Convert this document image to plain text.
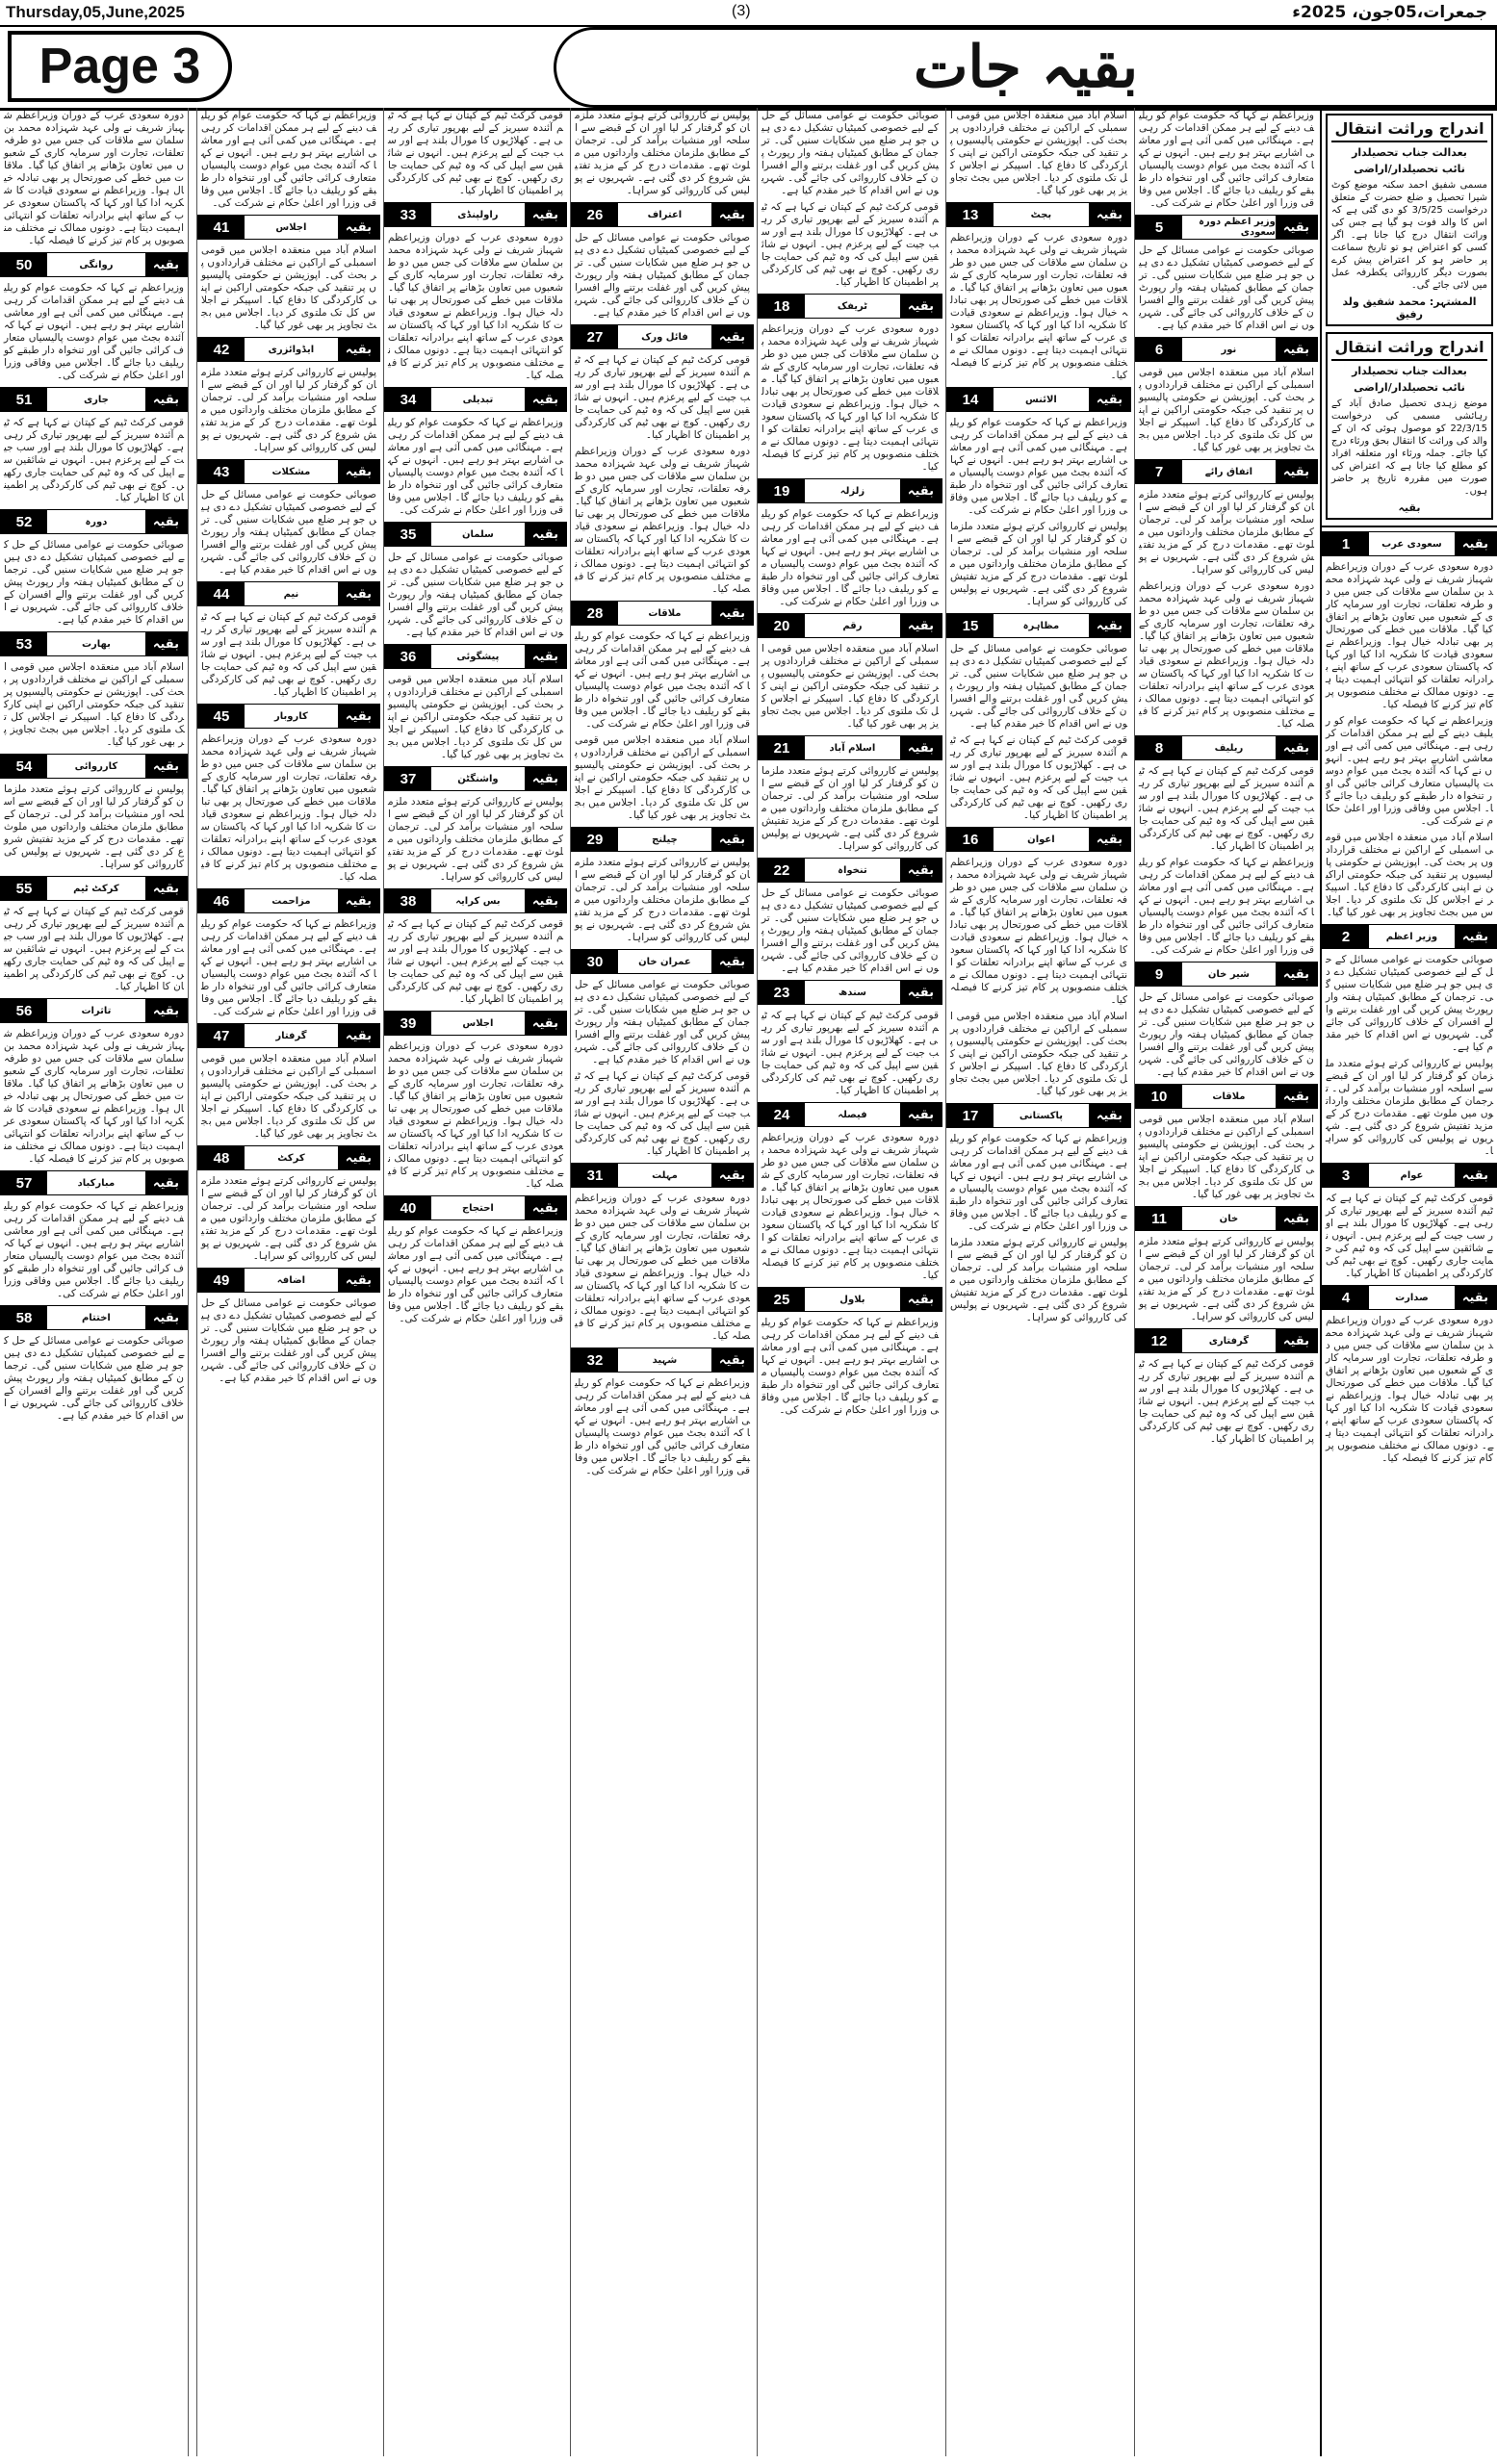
Thursday,05,June,2025	(3)	جمعرات،05جون، 2025ء
Page 3	بقیہ جات
اندراج وراثت انتقال
بعدالت جناب تحصیلدار
نائب تحصیلدار/اراضی
مسمی شفیق احمد سکنہ موضع کوٹ شیرا تحصیل و ضلع حضرت کے متعلق درخواست 3/5/25 کو دی گئی ہے کہ اس کا والد فوت ہو گیا ہے جس کی وراثت انتقال درج کیا جانا ہے۔ اگر کسی کو اعتراض ہو تو تاریخ سماعت پر حاضر ہو کر اعتراض پیش کرے بصورت دیگر کارروائی یکطرفہ عمل میں لائی جائے گی۔
المشتہر: محمد شفیق ولد رفیق
اندراج وراثت انتقال
بعدالت جناب تحصیلدار
نائب تحصیلدار/اراضی
موضع زہدی تحصیل صادق آباد کے رہائشی مسمی کی درخواست 22/3/15 کو موصول ہوئی کہ ان کے والد کی وراثت کا انتقال بحق ورثاء درج کیا جائے۔ جملہ ورثاء اور متعلقہ افراد کو مطلع کیا جاتا ہے کہ اعتراض کی صورت میں مقررہ تاریخ پر حاضر ہوں۔
بقیہ
بقیہ
سعودی عرب
1
دورہ سعودی عرب کے دوران وزیراعظم شہباز شریف نے ولی عہد شہزادہ محمد بن سلمان سے ملاقات کی جس میں دو طرفہ تعلقات، تجارت اور سرمایہ کاری کے شعبوں میں تعاون بڑھانے پر اتفاق کیا گیا۔ ملاقات میں خطے کی صورتحال پر بھی تبادلہ خیال ہوا۔ وزیراعظم نے سعودی قیادت کا شکریہ ادا کیا اور کہا کہ پاکستان سعودی عرب کے ساتھ اپنے برادرانہ تعلقات کو انتہائی اہمیت دیتا ہے۔ دونوں ممالک نے مختلف منصوبوں پر کام تیز کرنے کا فیصلہ کیا۔
وزیراعظم نے کہا کہ حکومت عوام کو ریلیف دینے کے لیے ہر ممکن اقدامات کر رہی ہے۔ مہنگائی میں کمی آئی ہے اور معاشی اشاریے بہتر ہو رہے ہیں۔ انہوں نے کہا کہ آئندہ بجٹ میں عوام دوست پالیسیاں متعارف کرائی جائیں گی اور تنخواہ دار طبقے کو ریلیف دیا جائے گا۔ اجلاس میں وفاقی وزرا اور اعلیٰ حکام نے شرکت کی۔
اسلام آباد میں منعقدہ اجلاس میں قومی اسمبلی کے اراکین نے مختلف قراردادوں پر بحث کی۔ اپوزیشن نے حکومتی پالیسیوں پر تنقید کی جبکہ حکومتی اراکین نے اپنی کارکردگی کا دفاع کیا۔ اسپیکر نے اجلاس کل تک ملتوی کر دیا۔ اجلاس میں بجٹ تجاویز پر بھی غور کیا گیا۔
بقیہ
وزیر اعظم
2
صوبائی حکومت نے عوامی مسائل کے حل کے لیے خصوصی کمیٹیاں تشکیل دے دی ہیں جو ہر ضلع میں شکایات سنیں گی۔ ترجمان کے مطابق کمیٹیاں ہفتہ وار رپورٹ پیش کریں گی اور غفلت برتنے والے افسران کے خلاف کارروائی کی جائے گی۔ شہریوں نے اس اقدام کا خیر مقدم کیا ہے۔
پولیس نے کارروائی کرتے ہوئے متعدد ملزمان کو گرفتار کر لیا اور ان کے قبضے سے اسلحہ اور منشیات برآمد کر لی۔ ترجمان کے مطابق ملزمان مختلف وارداتوں میں ملوث تھے۔ مقدمات درج کر کے مزید تفتیش شروع کر دی گئی ہے۔ شہریوں نے پولیس کی کارروائی کو سراہا۔
بقیہ
عوام
3
قومی کرکٹ ٹیم کے کپتان نے کہا ہے کہ ٹیم آئندہ سیریز کے لیے بھرپور تیاری کر رہی ہے۔ کھلاڑیوں کا مورال بلند ہے اور سب جیت کے لیے پرعزم ہیں۔ انہوں نے شائقین سے اپیل کی کہ وہ ٹیم کی حمایت جاری رکھیں۔ کوچ نے بھی ٹیم کی کارکردگی پر اطمینان کا اظہار کیا۔
بقیہ
صدارت
4
دورہ سعودی عرب کے دوران وزیراعظم شہباز شریف نے ولی عہد شہزادہ محمد بن سلمان سے ملاقات کی جس میں دو طرفہ تعلقات، تجارت اور سرمایہ کاری کے شعبوں میں تعاون بڑھانے پر اتفاق کیا گیا۔ ملاقات میں خطے کی صورتحال پر بھی تبادلہ خیال ہوا۔ وزیراعظم نے سعودی قیادت کا شکریہ ادا کیا اور کہا کہ پاکستان سعودی عرب کے ساتھ اپنے برادرانہ تعلقات کو انتہائی اہمیت دیتا ہے۔ دونوں ممالک نے مختلف منصوبوں پر کام تیز کرنے کا فیصلہ کیا۔
وزیراعظم نے کہا کہ حکومت عوام کو ریلیف دینے کے لیے ہر ممکن اقدامات کر رہی ہے۔ مہنگائی میں کمی آئی ہے اور معاشی اشاریے بہتر ہو رہے ہیں۔ انہوں نے کہا کہ آئندہ بجٹ میں عوام دوست پالیسیاں متعارف کرائی جائیں گی اور تنخواہ دار طبقے کو ریلیف دیا جائے گا۔ اجلاس میں وفاقی وزرا اور اعلیٰ حکام نے شرکت کی۔
بقیہ
وزیر اعظم دورہ سعودی
5
صوبائی حکومت نے عوامی مسائل کے حل کے لیے خصوصی کمیٹیاں تشکیل دے دی ہیں جو ہر ضلع میں شکایات سنیں گی۔ ترجمان کے مطابق کمیٹیاں ہفتہ وار رپورٹ پیش کریں گی اور غفلت برتنے والے افسران کے خلاف کارروائی کی جائے گی۔ شہریوں نے اس اقدام کا خیر مقدم کیا ہے۔
بقیہ
نور
6
اسلام آباد میں منعقدہ اجلاس میں قومی اسمبلی کے اراکین نے مختلف قراردادوں پر بحث کی۔ اپوزیشن نے حکومتی پالیسیوں پر تنقید کی جبکہ حکومتی اراکین نے اپنی کارکردگی کا دفاع کیا۔ اسپیکر نے اجلاس کل تک ملتوی کر دیا۔ اجلاس میں بجٹ تجاویز پر بھی غور کیا گیا۔
بقیہ
اتفاق رائے
7
پولیس نے کارروائی کرتے ہوئے متعدد ملزمان کو گرفتار کر لیا اور ان کے قبضے سے اسلحہ اور منشیات برآمد کر لی۔ ترجمان کے مطابق ملزمان مختلف وارداتوں میں ملوث تھے۔ مقدمات درج کر کے مزید تفتیش شروع کر دی گئی ہے۔ شہریوں نے پولیس کی کارروائی کو سراہا۔
دورہ سعودی عرب کے دوران وزیراعظم شہباز شریف نے ولی عہد شہزادہ محمد بن سلمان سے ملاقات کی جس میں دو طرفہ تعلقات، تجارت اور سرمایہ کاری کے شعبوں میں تعاون بڑھانے پر اتفاق کیا گیا۔ ملاقات میں خطے کی صورتحال پر بھی تبادلہ خیال ہوا۔ وزیراعظم نے سعودی قیادت کا شکریہ ادا کیا اور کہا کہ پاکستان سعودی عرب کے ساتھ اپنے برادرانہ تعلقات کو انتہائی اہمیت دیتا ہے۔ دونوں ممالک نے مختلف منصوبوں پر کام تیز کرنے کا فیصلہ کیا۔
بقیہ
ریلیف
8
قومی کرکٹ ٹیم کے کپتان نے کہا ہے کہ ٹیم آئندہ سیریز کے لیے بھرپور تیاری کر رہی ہے۔ کھلاڑیوں کا مورال بلند ہے اور سب جیت کے لیے پرعزم ہیں۔ انہوں نے شائقین سے اپیل کی کہ وہ ٹیم کی حمایت جاری رکھیں۔ کوچ نے بھی ٹیم کی کارکردگی پر اطمینان کا اظہار کیا۔
وزیراعظم نے کہا کہ حکومت عوام کو ریلیف دینے کے لیے ہر ممکن اقدامات کر رہی ہے۔ مہنگائی میں کمی آئی ہے اور معاشی اشاریے بہتر ہو رہے ہیں۔ انہوں نے کہا کہ آئندہ بجٹ میں عوام دوست پالیسیاں متعارف کرائی جائیں گی اور تنخواہ دار طبقے کو ریلیف دیا جائے گا۔ اجلاس میں وفاقی وزرا اور اعلیٰ حکام نے شرکت کی۔
بقیہ
شیر خان
9
صوبائی حکومت نے عوامی مسائل کے حل کے لیے خصوصی کمیٹیاں تشکیل دے دی ہیں جو ہر ضلع میں شکایات سنیں گی۔ ترجمان کے مطابق کمیٹیاں ہفتہ وار رپورٹ پیش کریں گی اور غفلت برتنے والے افسران کے خلاف کارروائی کی جائے گی۔ شہریوں نے اس اقدام کا خیر مقدم کیا ہے۔
بقیہ
ملاقات
10
اسلام آباد میں منعقدہ اجلاس میں قومی اسمبلی کے اراکین نے مختلف قراردادوں پر بحث کی۔ اپوزیشن نے حکومتی پالیسیوں پر تنقید کی جبکہ حکومتی اراکین نے اپنی کارکردگی کا دفاع کیا۔ اسپیکر نے اجلاس کل تک ملتوی کر دیا۔ اجلاس میں بجٹ تجاویز پر بھی غور کیا گیا۔
بقیہ
خان
11
پولیس نے کارروائی کرتے ہوئے متعدد ملزمان کو گرفتار کر لیا اور ان کے قبضے سے اسلحہ اور منشیات برآمد کر لی۔ ترجمان کے مطابق ملزمان مختلف وارداتوں میں ملوث تھے۔ مقدمات درج کر کے مزید تفتیش شروع کر دی گئی ہے۔ شہریوں نے پولیس کی کارروائی کو سراہا۔
بقیہ
گرفتاری
12
قومی کرکٹ ٹیم کے کپتان نے کہا ہے کہ ٹیم آئندہ سیریز کے لیے بھرپور تیاری کر رہی ہے۔ کھلاڑیوں کا مورال بلند ہے اور سب جیت کے لیے پرعزم ہیں۔ انہوں نے شائقین سے اپیل کی کہ وہ ٹیم کی حمایت جاری رکھیں۔ کوچ نے بھی ٹیم کی کارکردگی پر اطمینان کا اظہار کیا۔
اسلام آباد میں منعقدہ اجلاس میں قومی اسمبلی کے اراکین نے مختلف قراردادوں پر بحث کی۔ اپوزیشن نے حکومتی پالیسیوں پر تنقید کی جبکہ حکومتی اراکین نے اپنی کارکردگی کا دفاع کیا۔ اسپیکر نے اجلاس کل تک ملتوی کر دیا۔ اجلاس میں بجٹ تجاویز پر بھی غور کیا گیا۔
بقیہ
بجٹ
13
دورہ سعودی عرب کے دوران وزیراعظم شہباز شریف نے ولی عہد شہزادہ محمد بن سلمان سے ملاقات کی جس میں دو طرفہ تعلقات، تجارت اور سرمایہ کاری کے شعبوں میں تعاون بڑھانے پر اتفاق کیا گیا۔ ملاقات میں خطے کی صورتحال پر بھی تبادلہ خیال ہوا۔ وزیراعظم نے سعودی قیادت کا شکریہ ادا کیا اور کہا کہ پاکستان سعودی عرب کے ساتھ اپنے برادرانہ تعلقات کو انتہائی اہمیت دیتا ہے۔ دونوں ممالک نے مختلف منصوبوں پر کام تیز کرنے کا فیصلہ کیا۔
بقیہ
الائنس
14
وزیراعظم نے کہا کہ حکومت عوام کو ریلیف دینے کے لیے ہر ممکن اقدامات کر رہی ہے۔ مہنگائی میں کمی آئی ہے اور معاشی اشاریے بہتر ہو رہے ہیں۔ انہوں نے کہا کہ آئندہ بجٹ میں عوام دوست پالیسیاں متعارف کرائی جائیں گی اور تنخواہ دار طبقے کو ریلیف دیا جائے گا۔ اجلاس میں وفاقی وزرا اور اعلیٰ حکام نے شرکت کی۔
پولیس نے کارروائی کرتے ہوئے متعدد ملزمان کو گرفتار کر لیا اور ان کے قبضے سے اسلحہ اور منشیات برآمد کر لی۔ ترجمان کے مطابق ملزمان مختلف وارداتوں میں ملوث تھے۔ مقدمات درج کر کے مزید تفتیش شروع کر دی گئی ہے۔ شہریوں نے پولیس کی کارروائی کو سراہا۔
بقیہ
مظاہرہ
15
صوبائی حکومت نے عوامی مسائل کے حل کے لیے خصوصی کمیٹیاں تشکیل دے دی ہیں جو ہر ضلع میں شکایات سنیں گی۔ ترجمان کے مطابق کمیٹیاں ہفتہ وار رپورٹ پیش کریں گی اور غفلت برتنے والے افسران کے خلاف کارروائی کی جائے گی۔ شہریوں نے اس اقدام کا خیر مقدم کیا ہے۔
قومی کرکٹ ٹیم کے کپتان نے کہا ہے کہ ٹیم آئندہ سیریز کے لیے بھرپور تیاری کر رہی ہے۔ کھلاڑیوں کا مورال بلند ہے اور سب جیت کے لیے پرعزم ہیں۔ انہوں نے شائقین سے اپیل کی کہ وہ ٹیم کی حمایت جاری رکھیں۔ کوچ نے بھی ٹیم کی کارکردگی پر اطمینان کا اظہار کیا۔
بقیہ
اعوان
16
دورہ سعودی عرب کے دوران وزیراعظم شہباز شریف نے ولی عہد شہزادہ محمد بن سلمان سے ملاقات کی جس میں دو طرفہ تعلقات، تجارت اور سرمایہ کاری کے شعبوں میں تعاون بڑھانے پر اتفاق کیا گیا۔ ملاقات میں خطے کی صورتحال پر بھی تبادلہ خیال ہوا۔ وزیراعظم نے سعودی قیادت کا شکریہ ادا کیا اور کہا کہ پاکستان سعودی عرب کے ساتھ اپنے برادرانہ تعلقات کو انتہائی اہمیت دیتا ہے۔ دونوں ممالک نے مختلف منصوبوں پر کام تیز کرنے کا فیصلہ کیا۔
اسلام آباد میں منعقدہ اجلاس میں قومی اسمبلی کے اراکین نے مختلف قراردادوں پر بحث کی۔ اپوزیشن نے حکومتی پالیسیوں پر تنقید کی جبکہ حکومتی اراکین نے اپنی کارکردگی کا دفاع کیا۔ اسپیکر نے اجلاس کل تک ملتوی کر دیا۔ اجلاس میں بجٹ تجاویز پر بھی غور کیا گیا۔
بقیہ
پاکستانی
17
وزیراعظم نے کہا کہ حکومت عوام کو ریلیف دینے کے لیے ہر ممکن اقدامات کر رہی ہے۔ مہنگائی میں کمی آئی ہے اور معاشی اشاریے بہتر ہو رہے ہیں۔ انہوں نے کہا کہ آئندہ بجٹ میں عوام دوست پالیسیاں متعارف کرائی جائیں گی اور تنخواہ دار طبقے کو ریلیف دیا جائے گا۔ اجلاس میں وفاقی وزرا اور اعلیٰ حکام نے شرکت کی۔
پولیس نے کارروائی کرتے ہوئے متعدد ملزمان کو گرفتار کر لیا اور ان کے قبضے سے اسلحہ اور منشیات برآمد کر لی۔ ترجمان کے مطابق ملزمان مختلف وارداتوں میں ملوث تھے۔ مقدمات درج کر کے مزید تفتیش شروع کر دی گئی ہے۔ شہریوں نے پولیس کی کارروائی کو سراہا۔
صوبائی حکومت نے عوامی مسائل کے حل کے لیے خصوصی کمیٹیاں تشکیل دے دی ہیں جو ہر ضلع میں شکایات سنیں گی۔ ترجمان کے مطابق کمیٹیاں ہفتہ وار رپورٹ پیش کریں گی اور غفلت برتنے والے افسران کے خلاف کارروائی کی جائے گی۔ شہریوں نے اس اقدام کا خیر مقدم کیا ہے۔
قومی کرکٹ ٹیم کے کپتان نے کہا ہے کہ ٹیم آئندہ سیریز کے لیے بھرپور تیاری کر رہی ہے۔ کھلاڑیوں کا مورال بلند ہے اور سب جیت کے لیے پرعزم ہیں۔ انہوں نے شائقین سے اپیل کی کہ وہ ٹیم کی حمایت جاری رکھیں۔ کوچ نے بھی ٹیم کی کارکردگی پر اطمینان کا اظہار کیا۔
بقیہ
ٹریفک
18
دورہ سعودی عرب کے دوران وزیراعظم شہباز شریف نے ولی عہد شہزادہ محمد بن سلمان سے ملاقات کی جس میں دو طرفہ تعلقات، تجارت اور سرمایہ کاری کے شعبوں میں تعاون بڑھانے پر اتفاق کیا گیا۔ ملاقات میں خطے کی صورتحال پر بھی تبادلہ خیال ہوا۔ وزیراعظم نے سعودی قیادت کا شکریہ ادا کیا اور کہا کہ پاکستان سعودی عرب کے ساتھ اپنے برادرانہ تعلقات کو انتہائی اہمیت دیتا ہے۔ دونوں ممالک نے مختلف منصوبوں پر کام تیز کرنے کا فیصلہ کیا۔
بقیہ
زلزلہ
19
وزیراعظم نے کہا کہ حکومت عوام کو ریلیف دینے کے لیے ہر ممکن اقدامات کر رہی ہے۔ مہنگائی میں کمی آئی ہے اور معاشی اشاریے بہتر ہو رہے ہیں۔ انہوں نے کہا کہ آئندہ بجٹ میں عوام دوست پالیسیاں متعارف کرائی جائیں گی اور تنخواہ دار طبقے کو ریلیف دیا جائے گا۔ اجلاس میں وفاقی وزرا اور اعلیٰ حکام نے شرکت کی۔
بقیہ
رقم
20
اسلام آباد میں منعقدہ اجلاس میں قومی اسمبلی کے اراکین نے مختلف قراردادوں پر بحث کی۔ اپوزیشن نے حکومتی پالیسیوں پر تنقید کی جبکہ حکومتی اراکین نے اپنی کارکردگی کا دفاع کیا۔ اسپیکر نے اجلاس کل تک ملتوی کر دیا۔ اجلاس میں بجٹ تجاویز پر بھی غور کیا گیا۔
بقیہ
اسلام آباد
21
پولیس نے کارروائی کرتے ہوئے متعدد ملزمان کو گرفتار کر لیا اور ان کے قبضے سے اسلحہ اور منشیات برآمد کر لی۔ ترجمان کے مطابق ملزمان مختلف وارداتوں میں ملوث تھے۔ مقدمات درج کر کے مزید تفتیش شروع کر دی گئی ہے۔ شہریوں نے پولیس کی کارروائی کو سراہا۔
بقیہ
تنخواہ
22
صوبائی حکومت نے عوامی مسائل کے حل کے لیے خصوصی کمیٹیاں تشکیل دے دی ہیں جو ہر ضلع میں شکایات سنیں گی۔ ترجمان کے مطابق کمیٹیاں ہفتہ وار رپورٹ پیش کریں گی اور غفلت برتنے والے افسران کے خلاف کارروائی کی جائے گی۔ شہریوں نے اس اقدام کا خیر مقدم کیا ہے۔
بقیہ
سندھ
23
قومی کرکٹ ٹیم کے کپتان نے کہا ہے کہ ٹیم آئندہ سیریز کے لیے بھرپور تیاری کر رہی ہے۔ کھلاڑیوں کا مورال بلند ہے اور سب جیت کے لیے پرعزم ہیں۔ انہوں نے شائقین سے اپیل کی کہ وہ ٹیم کی حمایت جاری رکھیں۔ کوچ نے بھی ٹیم کی کارکردگی پر اطمینان کا اظہار کیا۔
بقیہ
فیصلہ
24
دورہ سعودی عرب کے دوران وزیراعظم شہباز شریف نے ولی عہد شہزادہ محمد بن سلمان سے ملاقات کی جس میں دو طرفہ تعلقات، تجارت اور سرمایہ کاری کے شعبوں میں تعاون بڑھانے پر اتفاق کیا گیا۔ ملاقات میں خطے کی صورتحال پر بھی تبادلہ خیال ہوا۔ وزیراعظم نے سعودی قیادت کا شکریہ ادا کیا اور کہا کہ پاکستان سعودی عرب کے ساتھ اپنے برادرانہ تعلقات کو انتہائی اہمیت دیتا ہے۔ دونوں ممالک نے مختلف منصوبوں پر کام تیز کرنے کا فیصلہ کیا۔
بقیہ
بلاول
25
وزیراعظم نے کہا کہ حکومت عوام کو ریلیف دینے کے لیے ہر ممکن اقدامات کر رہی ہے۔ مہنگائی میں کمی آئی ہے اور معاشی اشاریے بہتر ہو رہے ہیں۔ انہوں نے کہا کہ آئندہ بجٹ میں عوام دوست پالیسیاں متعارف کرائی جائیں گی اور تنخواہ دار طبقے کو ریلیف دیا جائے گا۔ اجلاس میں وفاقی وزرا اور اعلیٰ حکام نے شرکت کی۔
پولیس نے کارروائی کرتے ہوئے متعدد ملزمان کو گرفتار کر لیا اور ان کے قبضے سے اسلحہ اور منشیات برآمد کر لی۔ ترجمان کے مطابق ملزمان مختلف وارداتوں میں ملوث تھے۔ مقدمات درج کر کے مزید تفتیش شروع کر دی گئی ہے۔ شہریوں نے پولیس کی کارروائی کو سراہا۔
بقیہ
اعتراف
26
صوبائی حکومت نے عوامی مسائل کے حل کے لیے خصوصی کمیٹیاں تشکیل دے دی ہیں جو ہر ضلع میں شکایات سنیں گی۔ ترجمان کے مطابق کمیٹیاں ہفتہ وار رپورٹ پیش کریں گی اور غفلت برتنے والے افسران کے خلاف کارروائی کی جائے گی۔ شہریوں نے اس اقدام کا خیر مقدم کیا ہے۔
بقیہ
فائل ورک
27
قومی کرکٹ ٹیم کے کپتان نے کہا ہے کہ ٹیم آئندہ سیریز کے لیے بھرپور تیاری کر رہی ہے۔ کھلاڑیوں کا مورال بلند ہے اور سب جیت کے لیے پرعزم ہیں۔ انہوں نے شائقین سے اپیل کی کہ وہ ٹیم کی حمایت جاری رکھیں۔ کوچ نے بھی ٹیم کی کارکردگی پر اطمینان کا اظہار کیا۔
دورہ سعودی عرب کے دوران وزیراعظم شہباز شریف نے ولی عہد شہزادہ محمد بن سلمان سے ملاقات کی جس میں دو طرفہ تعلقات، تجارت اور سرمایہ کاری کے شعبوں میں تعاون بڑھانے پر اتفاق کیا گیا۔ ملاقات میں خطے کی صورتحال پر بھی تبادلہ خیال ہوا۔ وزیراعظم نے سعودی قیادت کا شکریہ ادا کیا اور کہا کہ پاکستان سعودی عرب کے ساتھ اپنے برادرانہ تعلقات کو انتہائی اہمیت دیتا ہے۔ دونوں ممالک نے مختلف منصوبوں پر کام تیز کرنے کا فیصلہ کیا۔
بقیہ
ملاقات
28
وزیراعظم نے کہا کہ حکومت عوام کو ریلیف دینے کے لیے ہر ممکن اقدامات کر رہی ہے۔ مہنگائی میں کمی آئی ہے اور معاشی اشاریے بہتر ہو رہے ہیں۔ انہوں نے کہا کہ آئندہ بجٹ میں عوام دوست پالیسیاں متعارف کرائی جائیں گی اور تنخواہ دار طبقے کو ریلیف دیا جائے گا۔ اجلاس میں وفاقی وزرا اور اعلیٰ حکام نے شرکت کی۔
اسلام آباد میں منعقدہ اجلاس میں قومی اسمبلی کے اراکین نے مختلف قراردادوں پر بحث کی۔ اپوزیشن نے حکومتی پالیسیوں پر تنقید کی جبکہ حکومتی اراکین نے اپنی کارکردگی کا دفاع کیا۔ اسپیکر نے اجلاس کل تک ملتوی کر دیا۔ اجلاس میں بجٹ تجاویز پر بھی غور کیا گیا۔
بقیہ
چیلنج
29
پولیس نے کارروائی کرتے ہوئے متعدد ملزمان کو گرفتار کر لیا اور ان کے قبضے سے اسلحہ اور منشیات برآمد کر لی۔ ترجمان کے مطابق ملزمان مختلف وارداتوں میں ملوث تھے۔ مقدمات درج کر کے مزید تفتیش شروع کر دی گئی ہے۔ شہریوں نے پولیس کی کارروائی کو سراہا۔
بقیہ
عمران خان
30
صوبائی حکومت نے عوامی مسائل کے حل کے لیے خصوصی کمیٹیاں تشکیل دے دی ہیں جو ہر ضلع میں شکایات سنیں گی۔ ترجمان کے مطابق کمیٹیاں ہفتہ وار رپورٹ پیش کریں گی اور غفلت برتنے والے افسران کے خلاف کارروائی کی جائے گی۔ شہریوں نے اس اقدام کا خیر مقدم کیا ہے۔
قومی کرکٹ ٹیم کے کپتان نے کہا ہے کہ ٹیم آئندہ سیریز کے لیے بھرپور تیاری کر رہی ہے۔ کھلاڑیوں کا مورال بلند ہے اور سب جیت کے لیے پرعزم ہیں۔ انہوں نے شائقین سے اپیل کی کہ وہ ٹیم کی حمایت جاری رکھیں۔ کوچ نے بھی ٹیم کی کارکردگی پر اطمینان کا اظہار کیا۔
بقیہ
مہلت
31
دورہ سعودی عرب کے دوران وزیراعظم شہباز شریف نے ولی عہد شہزادہ محمد بن سلمان سے ملاقات کی جس میں دو طرفہ تعلقات، تجارت اور سرمایہ کاری کے شعبوں میں تعاون بڑھانے پر اتفاق کیا گیا۔ ملاقات میں خطے کی صورتحال پر بھی تبادلہ خیال ہوا۔ وزیراعظم نے سعودی قیادت کا شکریہ ادا کیا اور کہا کہ پاکستان سعودی عرب کے ساتھ اپنے برادرانہ تعلقات کو انتہائی اہمیت دیتا ہے۔ دونوں ممالک نے مختلف منصوبوں پر کام تیز کرنے کا فیصلہ کیا۔
بقیہ
شہید
32
وزیراعظم نے کہا کہ حکومت عوام کو ریلیف دینے کے لیے ہر ممکن اقدامات کر رہی ہے۔ مہنگائی میں کمی آئی ہے اور معاشی اشاریے بہتر ہو رہے ہیں۔ انہوں نے کہا کہ آئندہ بجٹ میں عوام دوست پالیسیاں متعارف کرائی جائیں گی اور تنخواہ دار طبقے کو ریلیف دیا جائے گا۔ اجلاس میں وفاقی وزرا اور اعلیٰ حکام نے شرکت کی۔
قومی کرکٹ ٹیم کے کپتان نے کہا ہے کہ ٹیم آئندہ سیریز کے لیے بھرپور تیاری کر رہی ہے۔ کھلاڑیوں کا مورال بلند ہے اور سب جیت کے لیے پرعزم ہیں۔ انہوں نے شائقین سے اپیل کی کہ وہ ٹیم کی حمایت جاری رکھیں۔ کوچ نے بھی ٹیم کی کارکردگی پر اطمینان کا اظہار کیا۔
بقیہ
راولپنڈی
33
دورہ سعودی عرب کے دوران وزیراعظم شہباز شریف نے ولی عہد شہزادہ محمد بن سلمان سے ملاقات کی جس میں دو طرفہ تعلقات، تجارت اور سرمایہ کاری کے شعبوں میں تعاون بڑھانے پر اتفاق کیا گیا۔ ملاقات میں خطے کی صورتحال پر بھی تبادلہ خیال ہوا۔ وزیراعظم نے سعودی قیادت کا شکریہ ادا کیا اور کہا کہ پاکستان سعودی عرب کے ساتھ اپنے برادرانہ تعلقات کو انتہائی اہمیت دیتا ہے۔ دونوں ممالک نے مختلف منصوبوں پر کام تیز کرنے کا فیصلہ کیا۔
بقیہ
تبدیلی
34
وزیراعظم نے کہا کہ حکومت عوام کو ریلیف دینے کے لیے ہر ممکن اقدامات کر رہی ہے۔ مہنگائی میں کمی آئی ہے اور معاشی اشاریے بہتر ہو رہے ہیں۔ انہوں نے کہا کہ آئندہ بجٹ میں عوام دوست پالیسیاں متعارف کرائی جائیں گی اور تنخواہ دار طبقے کو ریلیف دیا جائے گا۔ اجلاس میں وفاقی وزرا اور اعلیٰ حکام نے شرکت کی۔
بقیہ
سلمان
35
صوبائی حکومت نے عوامی مسائل کے حل کے لیے خصوصی کمیٹیاں تشکیل دے دی ہیں جو ہر ضلع میں شکایات سنیں گی۔ ترجمان کے مطابق کمیٹیاں ہفتہ وار رپورٹ پیش کریں گی اور غفلت برتنے والے افسران کے خلاف کارروائی کی جائے گی۔ شہریوں نے اس اقدام کا خیر مقدم کیا ہے۔
بقیہ
پیشگوئی
36
اسلام آباد میں منعقدہ اجلاس میں قومی اسمبلی کے اراکین نے مختلف قراردادوں پر بحث کی۔ اپوزیشن نے حکومتی پالیسیوں پر تنقید کی جبکہ حکومتی اراکین نے اپنی کارکردگی کا دفاع کیا۔ اسپیکر نے اجلاس کل تک ملتوی کر دیا۔ اجلاس میں بجٹ تجاویز پر بھی غور کیا گیا۔
بقیہ
واشنگٹن
37
پولیس نے کارروائی کرتے ہوئے متعدد ملزمان کو گرفتار کر لیا اور ان کے قبضے سے اسلحہ اور منشیات برآمد کر لی۔ ترجمان کے مطابق ملزمان مختلف وارداتوں میں ملوث تھے۔ مقدمات درج کر کے مزید تفتیش شروع کر دی گئی ہے۔ شہریوں نے پولیس کی کارروائی کو سراہا۔
بقیہ
بس کرایہ
38
قومی کرکٹ ٹیم کے کپتان نے کہا ہے کہ ٹیم آئندہ سیریز کے لیے بھرپور تیاری کر رہی ہے۔ کھلاڑیوں کا مورال بلند ہے اور سب جیت کے لیے پرعزم ہیں۔ انہوں نے شائقین سے اپیل کی کہ وہ ٹیم کی حمایت جاری رکھیں۔ کوچ نے بھی ٹیم کی کارکردگی پر اطمینان کا اظہار کیا۔
بقیہ
اجلاس
39
دورہ سعودی عرب کے دوران وزیراعظم شہباز شریف نے ولی عہد شہزادہ محمد بن سلمان سے ملاقات کی جس میں دو طرفہ تعلقات، تجارت اور سرمایہ کاری کے شعبوں میں تعاون بڑھانے پر اتفاق کیا گیا۔ ملاقات میں خطے کی صورتحال پر بھی تبادلہ خیال ہوا۔ وزیراعظم نے سعودی قیادت کا شکریہ ادا کیا اور کہا کہ پاکستان سعودی عرب کے ساتھ اپنے برادرانہ تعلقات کو انتہائی اہمیت دیتا ہے۔ دونوں ممالک نے مختلف منصوبوں پر کام تیز کرنے کا فیصلہ کیا۔
بقیہ
احتجاج
40
وزیراعظم نے کہا کہ حکومت عوام کو ریلیف دینے کے لیے ہر ممکن اقدامات کر رہی ہے۔ مہنگائی میں کمی آئی ہے اور معاشی اشاریے بہتر ہو رہے ہیں۔ انہوں نے کہا کہ آئندہ بجٹ میں عوام دوست پالیسیاں متعارف کرائی جائیں گی اور تنخواہ دار طبقے کو ریلیف دیا جائے گا۔ اجلاس میں وفاقی وزرا اور اعلیٰ حکام نے شرکت کی۔
وزیراعظم نے کہا کہ حکومت عوام کو ریلیف دینے کے لیے ہر ممکن اقدامات کر رہی ہے۔ مہنگائی میں کمی آئی ہے اور معاشی اشاریے بہتر ہو رہے ہیں۔ انہوں نے کہا کہ آئندہ بجٹ میں عوام دوست پالیسیاں متعارف کرائی جائیں گی اور تنخواہ دار طبقے کو ریلیف دیا جائے گا۔ اجلاس میں وفاقی وزرا اور اعلیٰ حکام نے شرکت کی۔
بقیہ
اجلاس
41
اسلام آباد میں منعقدہ اجلاس میں قومی اسمبلی کے اراکین نے مختلف قراردادوں پر بحث کی۔ اپوزیشن نے حکومتی پالیسیوں پر تنقید کی جبکہ حکومتی اراکین نے اپنی کارکردگی کا دفاع کیا۔ اسپیکر نے اجلاس کل تک ملتوی کر دیا۔ اجلاس میں بجٹ تجاویز پر بھی غور کیا گیا۔
بقیہ
ایڈوائزری
42
پولیس نے کارروائی کرتے ہوئے متعدد ملزمان کو گرفتار کر لیا اور ان کے قبضے سے اسلحہ اور منشیات برآمد کر لی۔ ترجمان کے مطابق ملزمان مختلف وارداتوں میں ملوث تھے۔ مقدمات درج کر کے مزید تفتیش شروع کر دی گئی ہے۔ شہریوں نے پولیس کی کارروائی کو سراہا۔
بقیہ
مشکلات
43
صوبائی حکومت نے عوامی مسائل کے حل کے لیے خصوصی کمیٹیاں تشکیل دے دی ہیں جو ہر ضلع میں شکایات سنیں گی۔ ترجمان کے مطابق کمیٹیاں ہفتہ وار رپورٹ پیش کریں گی اور غفلت برتنے والے افسران کے خلاف کارروائی کی جائے گی۔ شہریوں نے اس اقدام کا خیر مقدم کیا ہے۔
بقیہ
نیم
44
قومی کرکٹ ٹیم کے کپتان نے کہا ہے کہ ٹیم آئندہ سیریز کے لیے بھرپور تیاری کر رہی ہے۔ کھلاڑیوں کا مورال بلند ہے اور سب جیت کے لیے پرعزم ہیں۔ انہوں نے شائقین سے اپیل کی کہ وہ ٹیم کی حمایت جاری رکھیں۔ کوچ نے بھی ٹیم کی کارکردگی پر اطمینان کا اظہار کیا۔
بقیہ
کاروبار
45
دورہ سعودی عرب کے دوران وزیراعظم شہباز شریف نے ولی عہد شہزادہ محمد بن سلمان سے ملاقات کی جس میں دو طرفہ تعلقات، تجارت اور سرمایہ کاری کے شعبوں میں تعاون بڑھانے پر اتفاق کیا گیا۔ ملاقات میں خطے کی صورتحال پر بھی تبادلہ خیال ہوا۔ وزیراعظم نے سعودی قیادت کا شکریہ ادا کیا اور کہا کہ پاکستان سعودی عرب کے ساتھ اپنے برادرانہ تعلقات کو انتہائی اہمیت دیتا ہے۔ دونوں ممالک نے مختلف منصوبوں پر کام تیز کرنے کا فیصلہ کیا۔
بقیہ
مزاحمت
46
وزیراعظم نے کہا کہ حکومت عوام کو ریلیف دینے کے لیے ہر ممکن اقدامات کر رہی ہے۔ مہنگائی میں کمی آئی ہے اور معاشی اشاریے بہتر ہو رہے ہیں۔ انہوں نے کہا کہ آئندہ بجٹ میں عوام دوست پالیسیاں متعارف کرائی جائیں گی اور تنخواہ دار طبقے کو ریلیف دیا جائے گا۔ اجلاس میں وفاقی وزرا اور اعلیٰ حکام نے شرکت کی۔
بقیہ
گرفتار
47
اسلام آباد میں منعقدہ اجلاس میں قومی اسمبلی کے اراکین نے مختلف قراردادوں پر بحث کی۔ اپوزیشن نے حکومتی پالیسیوں پر تنقید کی جبکہ حکومتی اراکین نے اپنی کارکردگی کا دفاع کیا۔ اسپیکر نے اجلاس کل تک ملتوی کر دیا۔ اجلاس میں بجٹ تجاویز پر بھی غور کیا گیا۔
بقیہ
کرکٹ
48
پولیس نے کارروائی کرتے ہوئے متعدد ملزمان کو گرفتار کر لیا اور ان کے قبضے سے اسلحہ اور منشیات برآمد کر لی۔ ترجمان کے مطابق ملزمان مختلف وارداتوں میں ملوث تھے۔ مقدمات درج کر کے مزید تفتیش شروع کر دی گئی ہے۔ شہریوں نے پولیس کی کارروائی کو سراہا۔
بقیہ
اضافہ
49
صوبائی حکومت نے عوامی مسائل کے حل کے لیے خصوصی کمیٹیاں تشکیل دے دی ہیں جو ہر ضلع میں شکایات سنیں گی۔ ترجمان کے مطابق کمیٹیاں ہفتہ وار رپورٹ پیش کریں گی اور غفلت برتنے والے افسران کے خلاف کارروائی کی جائے گی۔ شہریوں نے اس اقدام کا خیر مقدم کیا ہے۔
دورہ سعودی عرب کے دوران وزیراعظم شہباز شریف نے ولی عہد شہزادہ محمد بن سلمان سے ملاقات کی جس میں دو طرفہ تعلقات، تجارت اور سرمایہ کاری کے شعبوں میں تعاون بڑھانے پر اتفاق کیا گیا۔ ملاقات میں خطے کی صورتحال پر بھی تبادلہ خیال ہوا۔ وزیراعظم نے سعودی قیادت کا شکریہ ادا کیا اور کہا کہ پاکستان سعودی عرب کے ساتھ اپنے برادرانہ تعلقات کو انتہائی اہمیت دیتا ہے۔ دونوں ممالک نے مختلف منصوبوں پر کام تیز کرنے کا فیصلہ کیا۔
بقیہ
روانگی
50
وزیراعظم نے کہا کہ حکومت عوام کو ریلیف دینے کے لیے ہر ممکن اقدامات کر رہی ہے۔ مہنگائی میں کمی آئی ہے اور معاشی اشاریے بہتر ہو رہے ہیں۔ انہوں نے کہا کہ آئندہ بجٹ میں عوام دوست پالیسیاں متعارف کرائی جائیں گی اور تنخواہ دار طبقے کو ریلیف دیا جائے گا۔ اجلاس میں وفاقی وزرا اور اعلیٰ حکام نے شرکت کی۔
بقیہ
جاری
51
قومی کرکٹ ٹیم کے کپتان نے کہا ہے کہ ٹیم آئندہ سیریز کے لیے بھرپور تیاری کر رہی ہے۔ کھلاڑیوں کا مورال بلند ہے اور سب جیت کے لیے پرعزم ہیں۔ انہوں نے شائقین سے اپیل کی کہ وہ ٹیم کی حمایت جاری رکھیں۔ کوچ نے بھی ٹیم کی کارکردگی پر اطمینان کا اظہار کیا۔
بقیہ
دورہ
52
صوبائی حکومت نے عوامی مسائل کے حل کے لیے خصوصی کمیٹیاں تشکیل دے دی ہیں جو ہر ضلع میں شکایات سنیں گی۔ ترجمان کے مطابق کمیٹیاں ہفتہ وار رپورٹ پیش کریں گی اور غفلت برتنے والے افسران کے خلاف کارروائی کی جائے گی۔ شہریوں نے اس اقدام کا خیر مقدم کیا ہے۔
بقیہ
بھارت
53
اسلام آباد میں منعقدہ اجلاس میں قومی اسمبلی کے اراکین نے مختلف قراردادوں پر بحث کی۔ اپوزیشن نے حکومتی پالیسیوں پر تنقید کی جبکہ حکومتی اراکین نے اپنی کارکردگی کا دفاع کیا۔ اسپیکر نے اجلاس کل تک ملتوی کر دیا۔ اجلاس میں بجٹ تجاویز پر بھی غور کیا گیا۔
بقیہ
کارروائی
54
پولیس نے کارروائی کرتے ہوئے متعدد ملزمان کو گرفتار کر لیا اور ان کے قبضے سے اسلحہ اور منشیات برآمد کر لی۔ ترجمان کے مطابق ملزمان مختلف وارداتوں میں ملوث تھے۔ مقدمات درج کر کے مزید تفتیش شروع کر دی گئی ہے۔ شہریوں نے پولیس کی کارروائی کو سراہا۔
بقیہ
کرکٹ ٹیم
55
قومی کرکٹ ٹیم کے کپتان نے کہا ہے کہ ٹیم آئندہ سیریز کے لیے بھرپور تیاری کر رہی ہے۔ کھلاڑیوں کا مورال بلند ہے اور سب جیت کے لیے پرعزم ہیں۔ انہوں نے شائقین سے اپیل کی کہ وہ ٹیم کی حمایت جاری رکھیں۔ کوچ نے بھی ٹیم کی کارکردگی پر اطمینان کا اظہار کیا۔
بقیہ
تاثرات
56
دورہ سعودی عرب کے دوران وزیراعظم شہباز شریف نے ولی عہد شہزادہ محمد بن سلمان سے ملاقات کی جس میں دو طرفہ تعلقات، تجارت اور سرمایہ کاری کے شعبوں میں تعاون بڑھانے پر اتفاق کیا گیا۔ ملاقات میں خطے کی صورتحال پر بھی تبادلہ خیال ہوا۔ وزیراعظم نے سعودی قیادت کا شکریہ ادا کیا اور کہا کہ پاکستان سعودی عرب کے ساتھ اپنے برادرانہ تعلقات کو انتہائی اہمیت دیتا ہے۔ دونوں ممالک نے مختلف منصوبوں پر کام تیز کرنے کا فیصلہ کیا۔
بقیہ
مبارکباد
57
وزیراعظم نے کہا کہ حکومت عوام کو ریلیف دینے کے لیے ہر ممکن اقدامات کر رہی ہے۔ مہنگائی میں کمی آئی ہے اور معاشی اشاریے بہتر ہو رہے ہیں۔ انہوں نے کہا کہ آئندہ بجٹ میں عوام دوست پالیسیاں متعارف کرائی جائیں گی اور تنخواہ دار طبقے کو ریلیف دیا جائے گا۔ اجلاس میں وفاقی وزرا اور اعلیٰ حکام نے شرکت کی۔
بقیہ
اختتام
58
صوبائی حکومت نے عوامی مسائل کے حل کے لیے خصوصی کمیٹیاں تشکیل دے دی ہیں جو ہر ضلع میں شکایات سنیں گی۔ ترجمان کے مطابق کمیٹیاں ہفتہ وار رپورٹ پیش کریں گی اور غفلت برتنے والے افسران کے خلاف کارروائی کی جائے گی۔ شہریوں نے اس اقدام کا خیر مقدم کیا ہے۔
